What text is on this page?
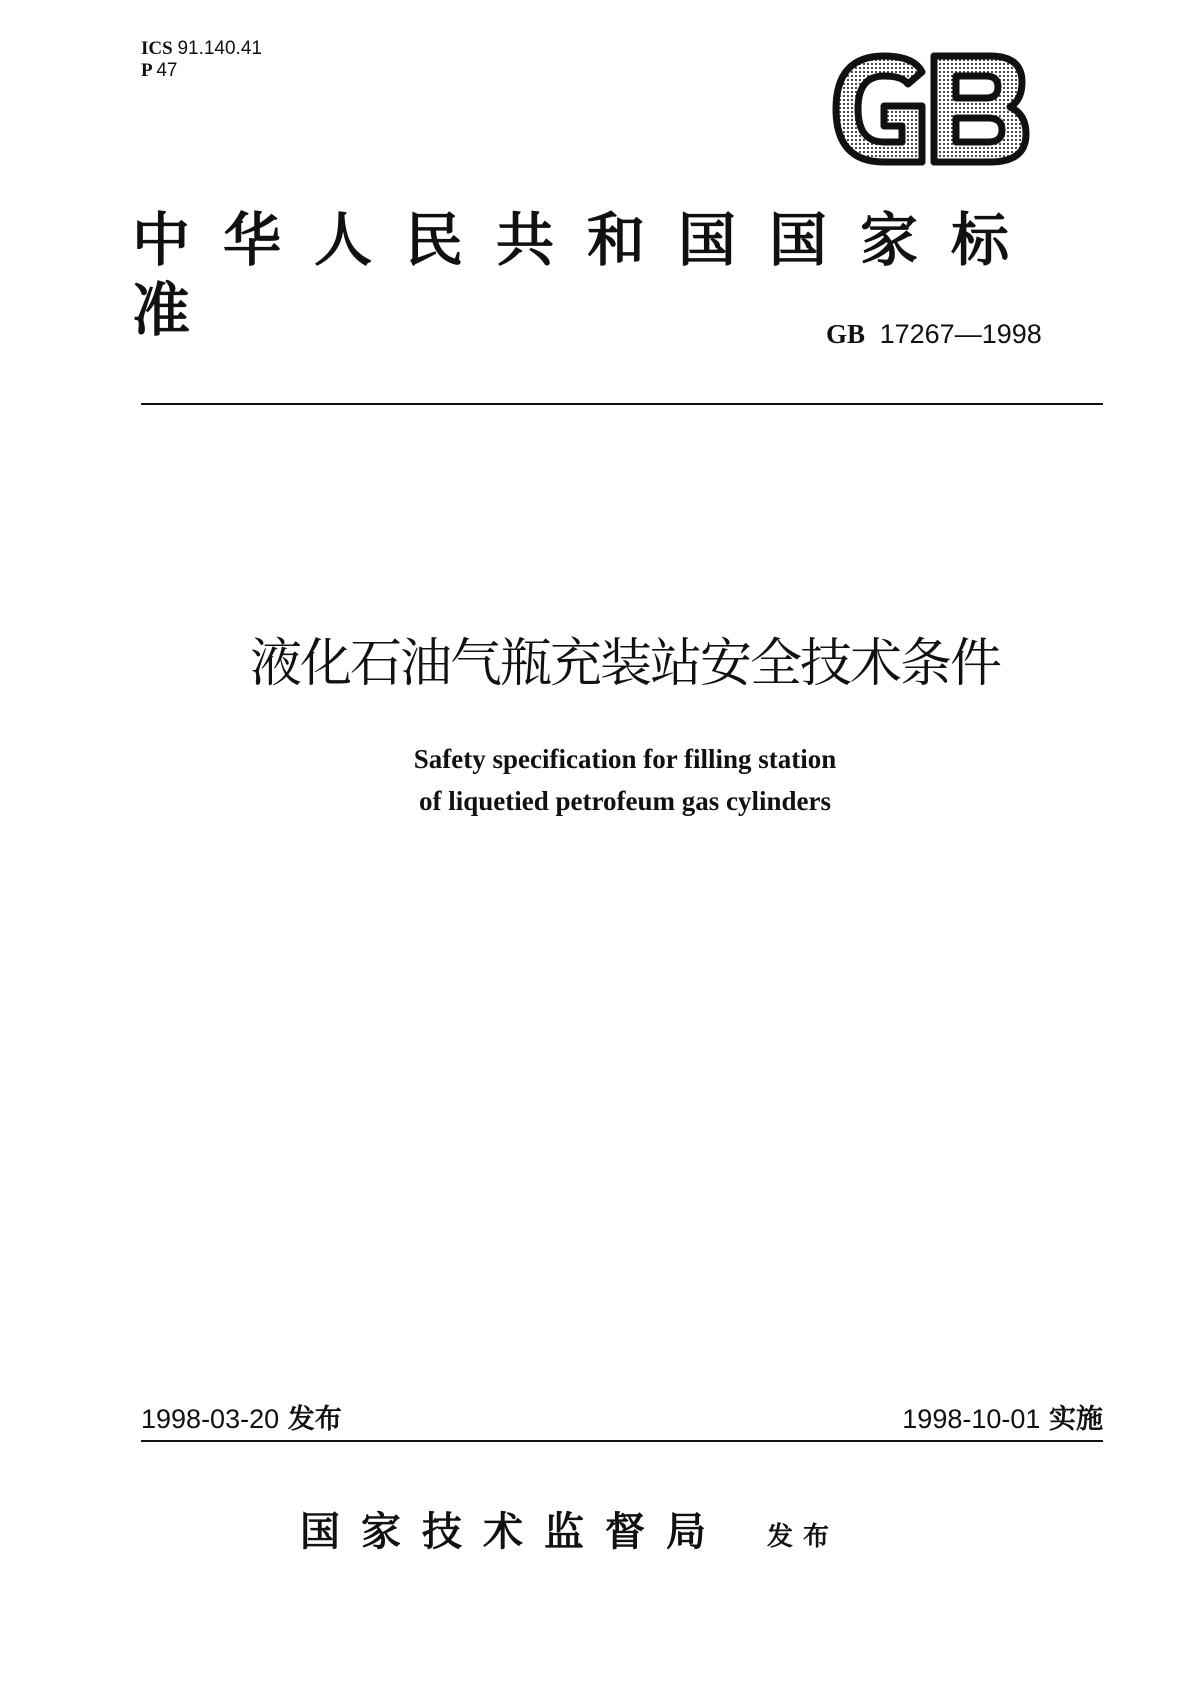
ICS 91.140.41
P 47
中华人民共和国国家标准	GB 17267—1998
液化石油气瓶充装站安全技术条件
Safety specification for filling station
of liquetied petrofeum gas cylinders
1998-03-20 发布	1998-10-01 实施
国家技术监督局 发布
